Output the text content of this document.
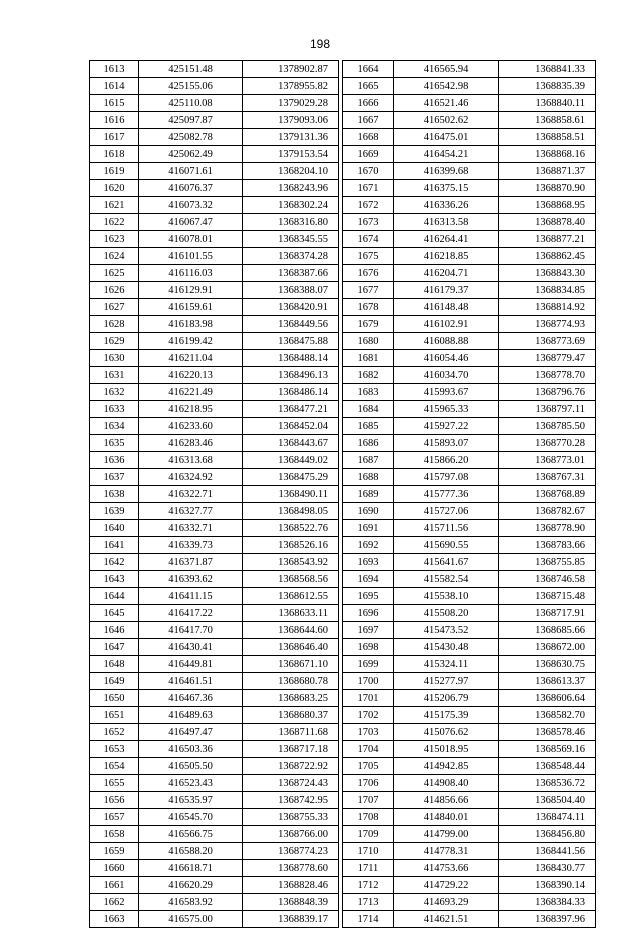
198
1613	425151.48	1378902.87
1614	425155.06	1378955.82
1615	425110.08	1379029.28
1616	425097.87	1379093.06
1617	425082.78	1379131.36
1618	425062.49	1379153.54
1619	416071.61	1368204.10
1620	416076.37	1368243.96
1621	416073.32	1368302.24
1622	416067.47	1368316.80
1623	416078.01	1368345.55
1624	416101.55	1368374.28
1625	416116.03	1368387.66
1626	416129.91	1368388.07
1627	416159.61	1368420.91
1628	416183.98	1368449.56
1629	416199.42	1368475.88
1630	416211.04	1368488.14
1631	416220.13	1368496.13
1632	416221.49	1368486.14
1633	416218.95	1368477.21
1634	416233.60	1368452.04
1635	416283.46	1368443.67
1636	416313.68	1368449.02
1637	416324.92	1368475.29
1638	416322.71	1368490.11
1639	416327.77	1368498.05
1640	416332.71	1368522.76
1641	416339.73	1368526.16
1642	416371.87	1368543.92
1643	416393.62	1368568.56
1644	416411.15	1368612.55
1645	416417.22	1368633.11
1646	416417.70	1368644.60
1647	416430.41	1368646.40
1648	416449.81	1368671.10
1649	416461.51	1368680.78
1650	416467.36	1368683.25
1651	416489.63	1368680.37
1652	416497.47	1368711.68
1653	416503.36	1368717.18
1654	416505.50	1368722.92
1655	416523.43	1368724.43
1656	416535.97	1368742.95
1657	416545.70	1368755.33
1658	416566.75	1368766.00
1659	416588.20	1368774.23
1660	416618.71	1368778.60
1661	416620.29	1368828.46
1662	416583.92	1368848.39
1663	416575.00	1368839.17
1664	416565.94	1368841.33
1665	416542.98	1368835.39
1666	416521.46	1368840.11
1667	416502.62	1368858.61
1668	416475.01	1368858.51
1669	416454.21	1368868.16
1670	416399.68	1368871.37
1671	416375.15	1368870.90
1672	416336.26	1368868.95
1673	416313.58	1368878.40
1674	416264.41	1368877.21
1675	416218.85	1368862.45
1676	416204.71	1368843.30
1677	416179.37	1368834.85
1678	416148.48	1368814.92
1679	416102.91	1368774.93
1680	416088.88	1368773.69
1681	416054.46	1368779.47
1682	416034.70	1368778.70
1683	415993.67	1368796.76
1684	415965.33	1368797.11
1685	415927.22	1368785.50
1686	415893.07	1368770.28
1687	415866.20	1368773.01
1688	415797.08	1368767.31
1689	415777.36	1368768.89
1690	415727.06	1368782.67
1691	415711.56	1368778.90
1692	415690.55	1368783.66
1693	415641.67	1368755.85
1694	415582.54	1368746.58
1695	415538.10	1368715.48
1696	415508.20	1368717.91
1697	415473.52	1368685.66
1698	415430.48	1368672.00
1699	415324.11	1368630.75
1700	415277.97	1368613.37
1701	415206.79	1368606.64
1702	415175.39	1368582.70
1703	415076.62	1368578.46
1704	415018.95	1368569.16
1705	414942.85	1368548.44
1706	414908.40	1368536.72
1707	414856.66	1368504.40
1708	414840.01	1368474.11
1709	414799.00	1368456.80
1710	414778.31	1368441.56
1711	414753.66	1368430.77
1712	414729.22	1368390.14
1713	414693.29	1368384.33
1714	414621.51	1368397.96
